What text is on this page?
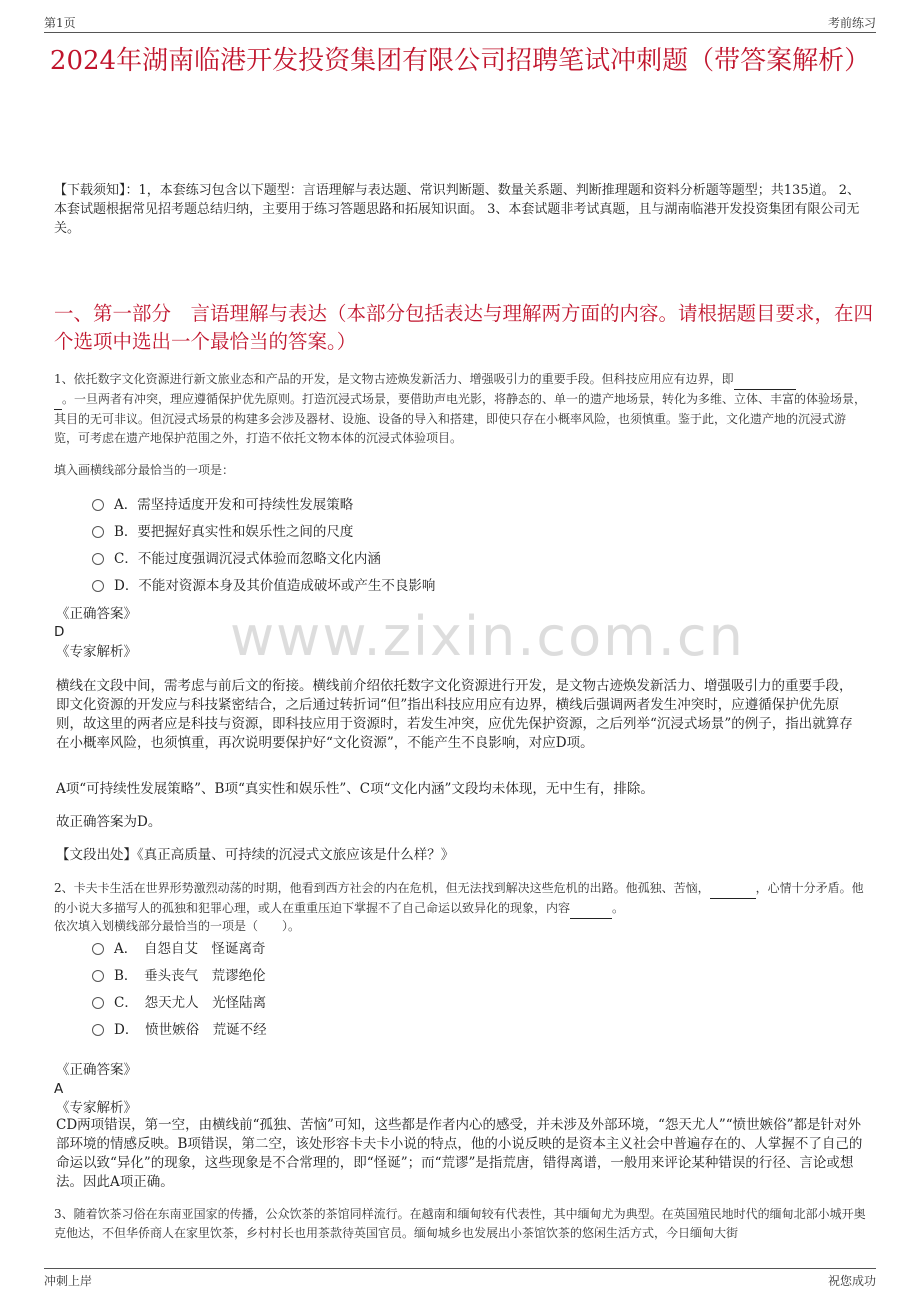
第1页	考前练习
2024年湖南临港开发投资集团有限公司招聘笔试冲刺题（带答案解析）
【下载须知】：1，本套练习包含以下题型：言语理解与表达题、常识判断题、数量关系题、判断推理题和资料分析题等题型；共135道。 2、本套试题根据常见招考题总结归纳，主要用于练习答题思路和拓展知识面。 3、本套试题非考试真题，且与湖南临港开发投资集团有限公司无关。
一、第一部分　言语理解与表达（本部分包括表达与理解两方面的内容。请根据题目要求，在四个选项中选出一个最恰当的答案。）
www.zixin.com.cn
1、依托数字文化资源进行新文旅业态和产品的开发，是文物古迹焕发新活力、增强吸引力的重要手段。但科技应用应有边界，即
。一旦两者有冲突，理应遵循保护优先原则。打造沉浸式场景，要借助声电光影，将静态的、单一的遗产地场景，转化为多维、立体、丰富的体验场景，其目的无可非议。但沉浸式场景的构建多会涉及器材、设施、设备的导入和搭建，即使只存在小概率风险，也须慎重。鉴于此，文化遗产地的沉浸式游览，可考虑在遗产地保护范围之外，打造不依托文物本体的沉浸式体验项目。
填入画横线部分最恰当的一项是：
A．需坚持适度开发和可持续性发展策略
B．要把握好真实性和娱乐性之间的尺度
C．不能过度强调沉浸式体验而忽略文化内涵
D．不能对资源本身及其价值造成破坏或产生不良影响
《正确答案》
D
《专家解析》
横线在文段中间，需考虑与前后文的衔接。横线前介绍依托数字文化资源进行开发，是文物古迹焕发新活力、增强吸引力的重要手段，即文化资源的开发应与科技紧密结合，之后通过转折词“但”指出科技应用应有边界，横线后强调两者发生冲突时，应遵循保护优先原则，故这里的两者应是科技与资源，即科技应用于资源时，若发生冲突，应优先保护资源，之后列举“沉浸式场景”的例子，指出就算存在小概率风险，也须慎重，再次说明要保护好“文化资源”，不能产生不良影响，对应D项。
A项“可持续性发展策略”、B项“真实性和娱乐性”、C项“文化内涵”文段均未体现，无中生有，排除。
故正确答案为D。
【文段出处】《真正高质量、可持续的沉浸式文旅应该是什么样？》
2、卡夫卡生活在世界形势激烈动荡的时期，他看到西方社会的内在危机，但无法找到解决这些危机的出路。他孤独、苦恼，	，心情十分矛盾。他的小说大多描写人的孤独和犯罪心理，或人在重重压迫下掌握不了自己命运以致异化的现象，内容	。
依次填入划横线部分最恰当的一项是（　　）。
A．　自怨自艾　怪诞离奇
B．　垂头丧气　荒谬绝伦
C．　怨天尤人　光怪陆离
D．　愤世嫉俗　荒诞不经
《正确答案》
A
《专家解析》
CD两项错误，第一空，由横线前“孤独、苦恼”可知，这些都是作者内心的感受，并未涉及外部环境，“怨天尤人”“愤世嫉俗”都是针对外部环境的情感反映。B项错误，第二空，该处形容卡夫卡小说的特点，他的小说反映的是资本主义社会中普遍存在的、人掌握不了自己的命运以致“异化”的现象，这些现象是不合常理的，即“怪诞”；而“荒谬”是指荒唐，错得离谱，一般用来评论某种错误的行径、言论或想法。因此A项正确。
3、随着饮茶习俗在东南亚国家的传播，公众饮茶的茶馆同样流行。在越南和缅甸较有代表性，其中缅甸尤为典型。在英国殖民地时代的缅甸北部小城开奥克他达，不但华侨商人在家里饮茶，乡村村长也用茶款待英国官员。缅甸城乡也发展出小茶馆饮茶的悠闲生活方式，今日缅甸大街
冲刺上岸	祝您成功
